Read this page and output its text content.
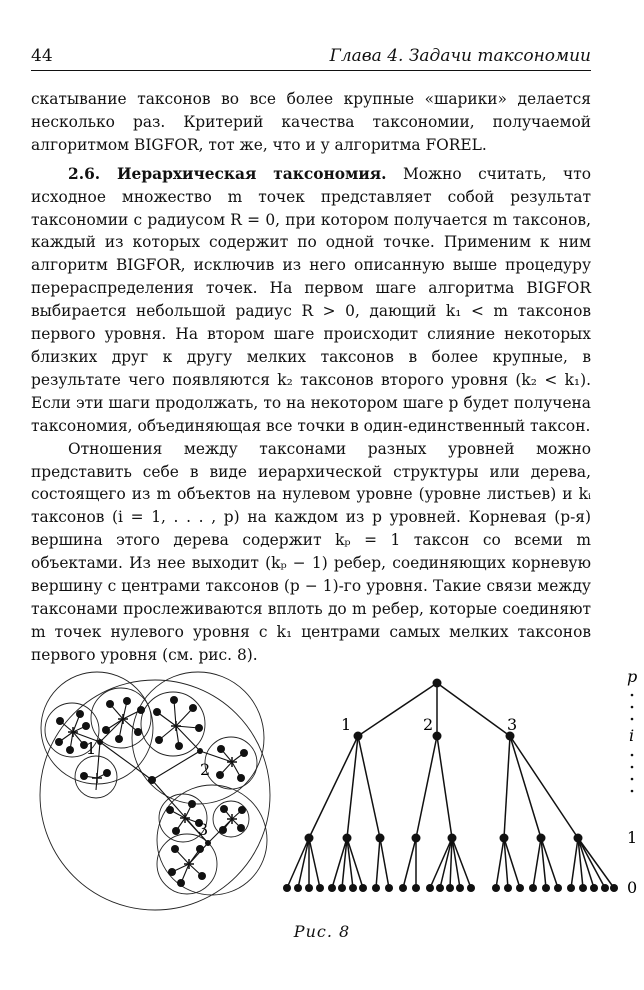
44	Глава 4. Задачи таксономии

скатывание таксонов во все более крупные «шарики» делается несколько раз. Критерий качества таксономии, получаемой алгоритмом BIGFOR, тот же, что и у алгоритма FOREL.

2.6. Иерархическая таксономия. Можно считать, что исходное множество m точек представляет собой результат таксономии с радиусом R = 0, при котором получается m таксонов, каждый из которых содержит по одной точке. Применим к ним алгоритм BIGFOR, исключив из него описанную выше процедуру перераспределения точек. На первом шаге алгоритма BIGFOR выбирается небольшой радиус R > 0, дающий k₁ < m таксонов первого уровня. На втором шаге происходит слияние некоторых близких друг к другу мелких таксонов в более крупные, в результате чего появляются k₂ таксонов второго уровня (k₂ < k₁). Если эти шаги продолжать, то на некотором шаге p будет получена таксономия, объединяющая все точки в один-единственный таксон.

Отношения между таксонами разных уровней можно представить себе в виде иерархической структуры или дерева, состоящего из m объектов на нулевом уровне (уровне листьев) и kᵢ таксонов (i = 1, . . . , p) на каждом из p уровней. Корневая (p-я) вершина этого дерева содержит kₚ = 1 таксон со всеми m объектами. Из нее выходит (kₚ − 1) ребер, соединяющих корневую вершину с центрами таксонов (p − 1)-го уровня. Такие связи между таксонами прослеживаются вплоть до m ребер, которые соединяют m точек нулевого уровня с k₁ центрами самых мелких таксонов первого уровня (см. рис. 8).

1
2
3
1	2	3
p
i
1
0
Рис. 8
